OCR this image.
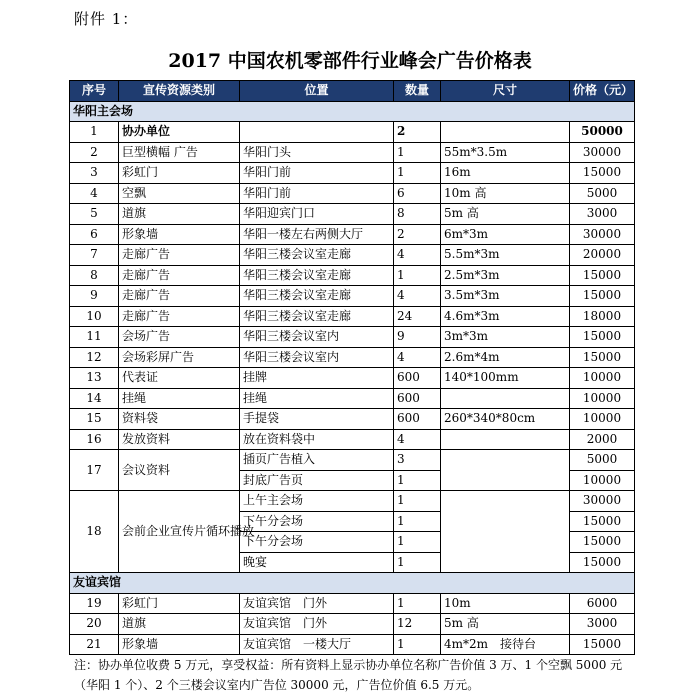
附件 1：
2017 中国农机零部件行业峰会广告价格表
序号	宣传资源类别	位置	数量	尺寸	价格（元）
华阳主会场					
1	协办单位		2		50000
2	巨型横幅 广告	华阳门头	1	55m*3.5m	30000
3	彩虹门	华阳门前	1	16m	15000
4	空飘	华阳门前	6	10m 高	5000
5	道旗	华阳迎宾门口	8	5m 高	3000
6	形象墙	华阳一楼左右两侧大厅	2	6m*3m	30000
7	走廊广告	华阳三楼会议室走廊	4	5.5m*3m	20000
8	走廊广告	华阳三楼会议室走廊	1	2.5m*3m	15000
9	走廊广告	华阳三楼会议室走廊	4	3.5m*3m	15000
10	走廊广告	华阳三楼会议室走廊	24	4.6m*3m	18000
11	会场广告	华阳三楼会议室内	9	3m*3m	15000
12	会场彩屏广告	华阳三楼会议室内	4	2.6m*4m	15000
13	代表证	挂牌	600	140*100mm	10000
14	挂绳	挂绳	600		10000
15	资料袋	手提袋	600	260*340*80cm	10000
16	发放资料	放在资料袋中	4		2000
17	会议资料	插页广告植入	3		5000
		封底广告页	1		10000
18	会前企业宣传片循环播放	上午主会场	1		30000
		下午分会场	1		15000
		下午分会场	1		15000
		晚宴	1		15000
友谊宾馆					
19	彩虹门	友谊宾馆　门外	1	10m	6000
20	道旗	友谊宾馆　门外	12	5m 高	3000
21	形象墙	友谊宾馆　一楼大厅	1	4m*2m　接待台	15000
注：协办单位收费 5 万元，享受权益：所有资料上显示协办单位名称广告价值 3 万、1 个空飘 5000 元（华阳 1 个）、2 个三楼会议室内广告位 30000 元，广告位价值 6.5 万元。
